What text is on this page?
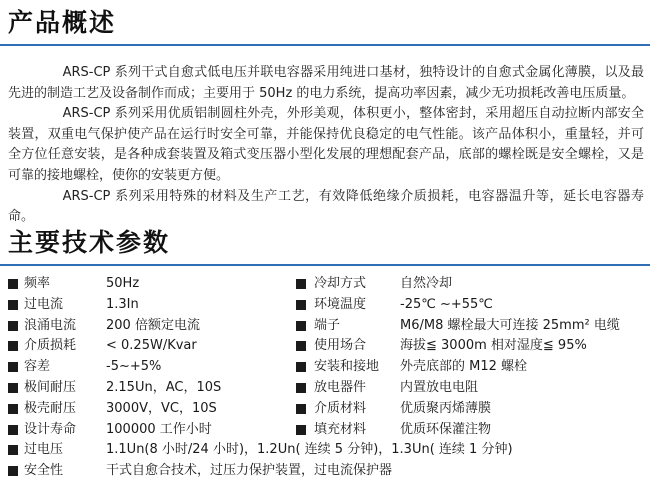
产品概述

ARS-CP 系列干式自愈式低电压并联电容器采用纯进口基材，独特设计的自愈式金属化薄膜，以及最先进的制造工艺及设备制作而成；主要用于 50Hz 的电力系统，提高功率因素，减少无功损耗改善电压质量。

ARS-CP 系列采用优质铝制圆柱外壳，外形美观，体积更小，整体密封，采用超压自动拉断内部安全装置，双重电气保护使产品在运行时安全可靠，并能保持优良稳定的电气性能。该产品体积小，重量轻，并可全方位任意安装，是各种成套装置及箱式变压器小型化发展的理想配套产品，底部的螺栓既是安全螺栓，又是可靠的接地螺栓，使你的安装更方便。

ARS-CP 系列采用特殊的材料及生产工艺，有效降低绝缘介质损耗，电容器温升等，延长电容器寿命。

主要技术参数
频率	50Hz	冷却方式	自然冷却
过电流	1.3In	环境温度	-25℃ ~+55℃
浪涌电流 200 倍额定电流	端子	M6/M8 螺栓最大可连接 25mm² 电缆
介质损耗 < 0.25W/Kvar	使用场合	海拔≦ 3000m 相对湿度≦ 95%
容差	-5~+5%	安装和接地 外壳底部的 M12 螺栓
极间耐压 2.15Un，AC，10S	放电器件	内置放电电阻
极壳耐压 3000V，VC，10S	介质材料	优质聚丙烯薄膜
设计寿命 100000 工作小时	填充材料	优质环保灌注物
过电压	1.1Un(8 小时/24 小时)，1.2Un( 连续 5 分钟)，1.3Un( 连续 1 分钟)
安全性	干式自愈合技术，过压力保护装置，过电流保护器
